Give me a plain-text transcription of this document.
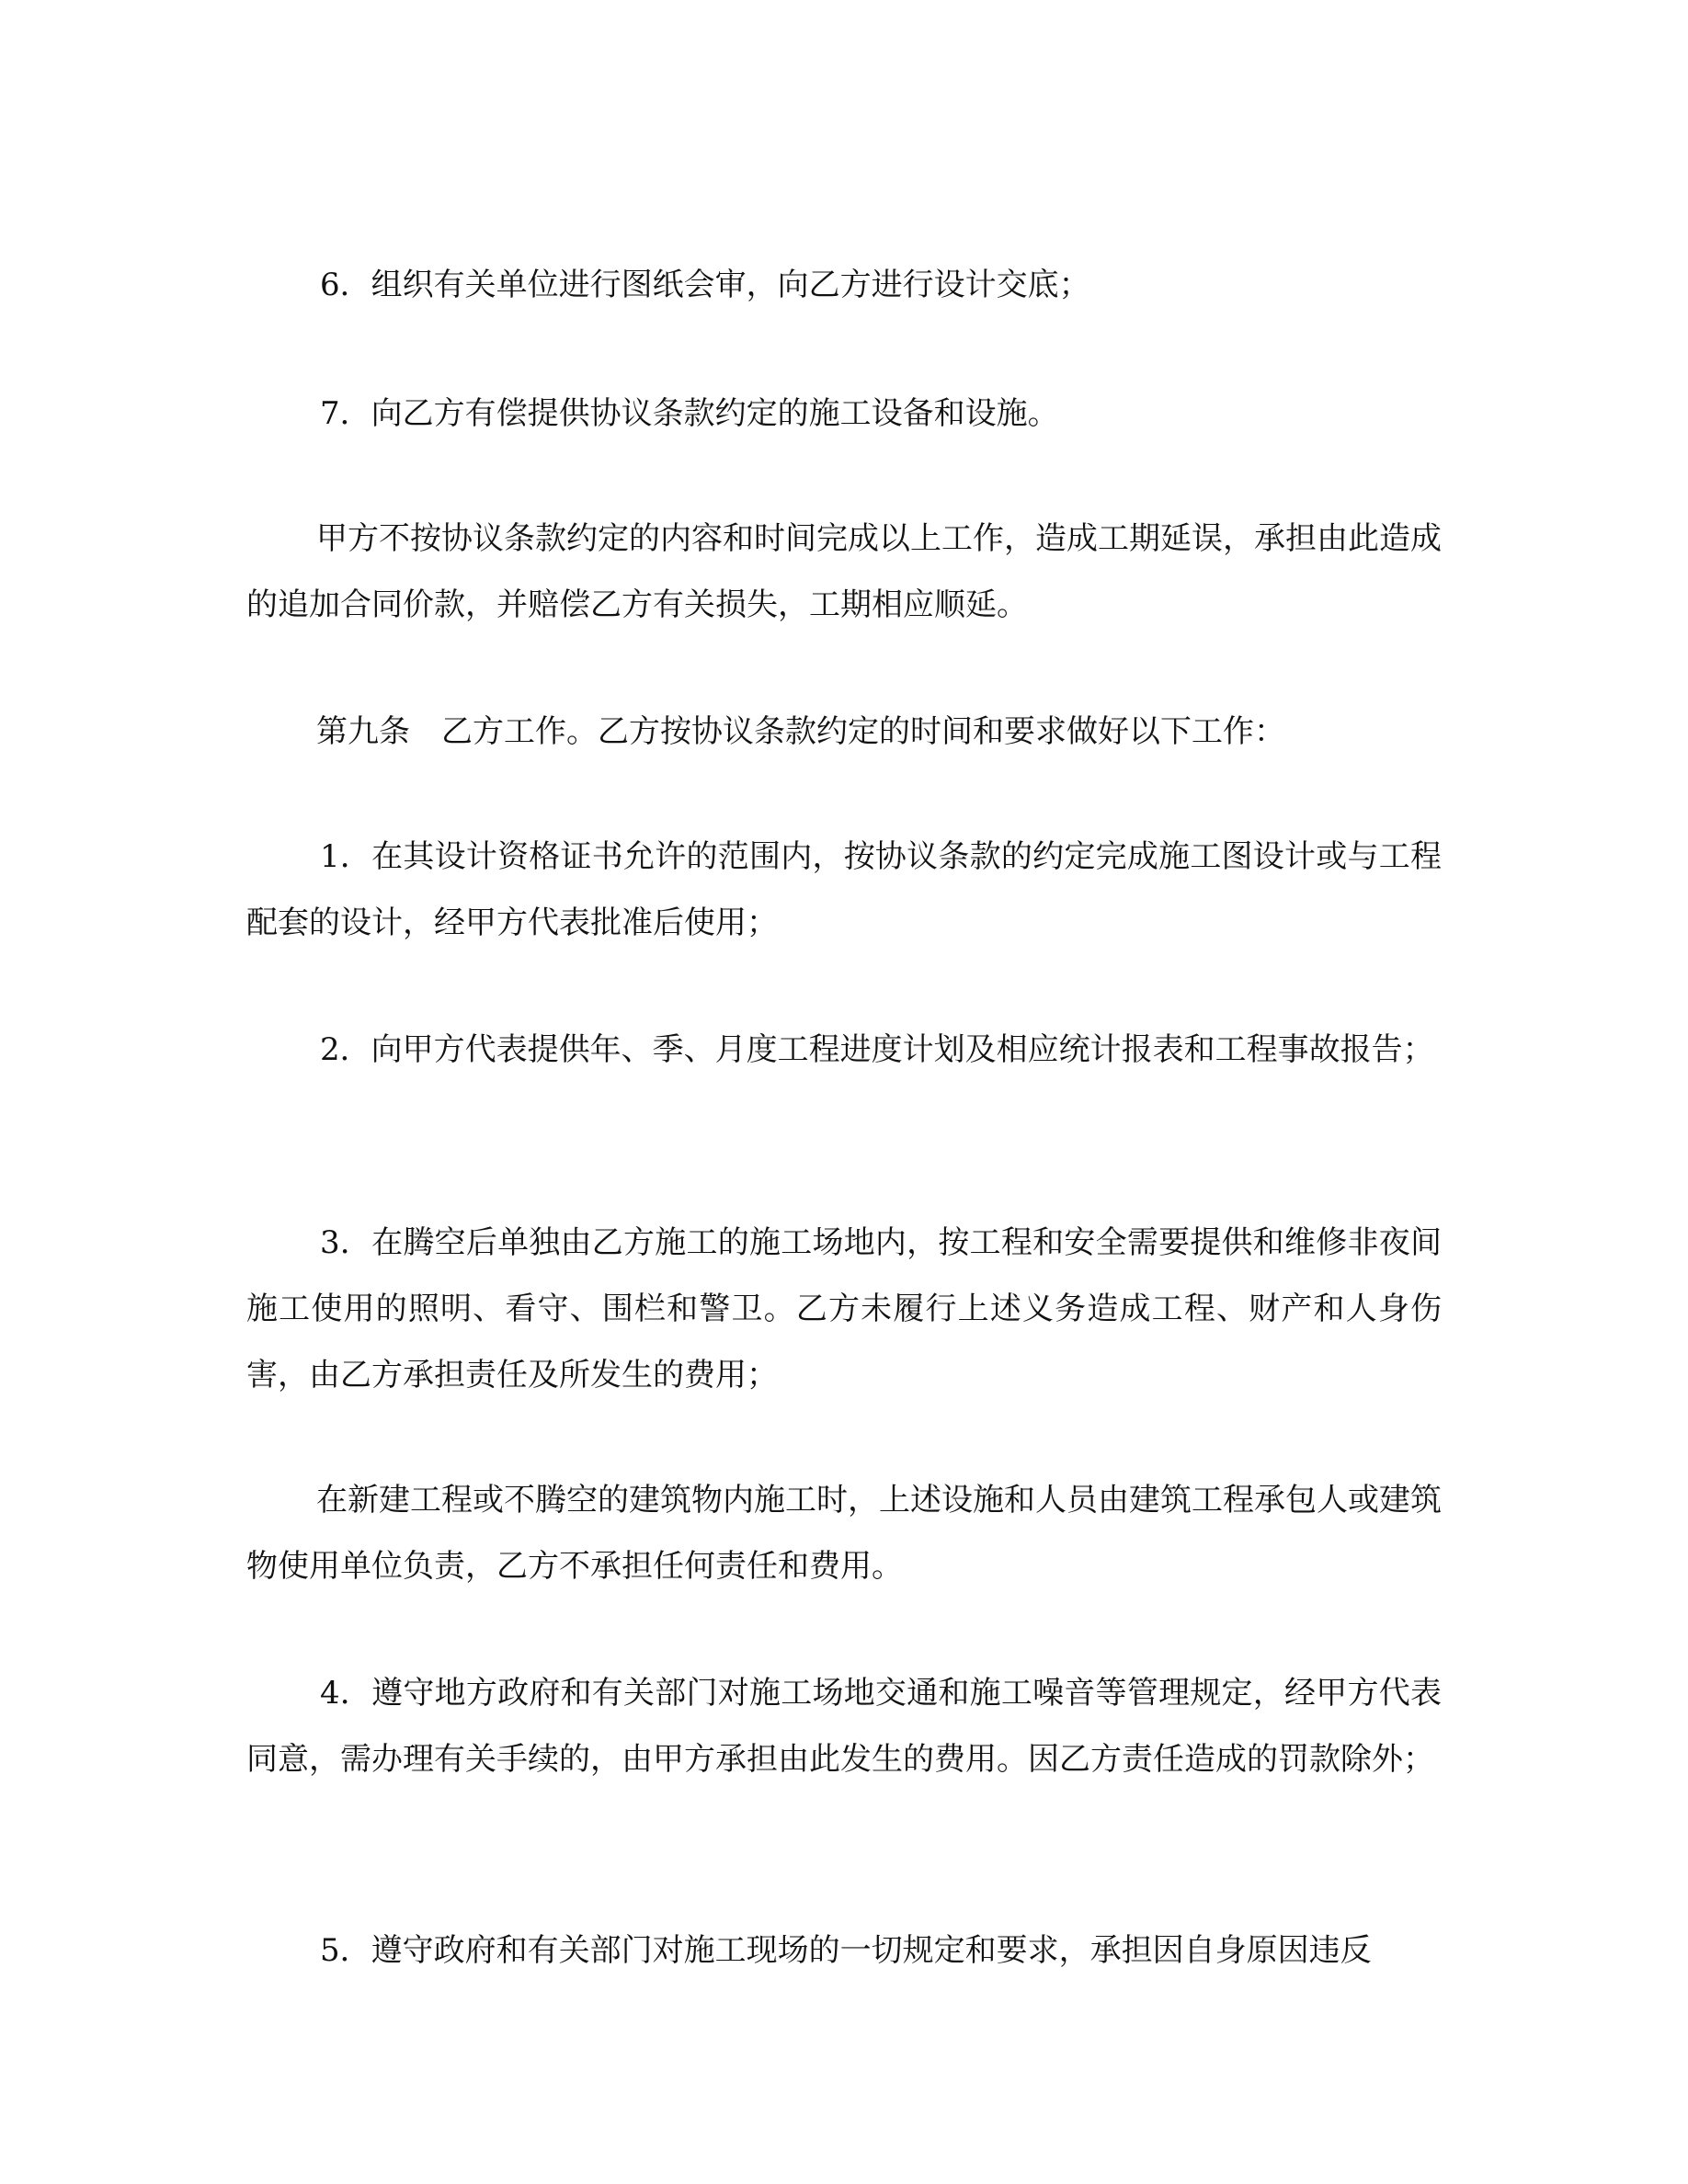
6．组织有关单位进行图纸会审，向乙方进行设计交底；

7．向乙方有偿提供协议条款约定的施工设备和设施。

甲方不按协议条款约定的内容和时间完成以上工作，造成工期延误，承担由此造成的追加合同价款，并赔偿乙方有关损失，工期相应顺延。

第九条　乙方工作。乙方按协议条款约定的时间和要求做好以下工作：

1．在其设计资格证书允许的范围内，按协议条款的约定完成施工图设计或与工程配套的设计，经甲方代表批准后使用；

2．向甲方代表提供年、季、月度工程进度计划及相应统计报表和工程事故报告；

3．在腾空后单独由乙方施工的施工场地内，按工程和安全需要提供和维修非夜间施工使用的照明、看守、围栏和警卫。乙方未履行上述义务造成工程、财产和人身伤害，由乙方承担责任及所发生的费用；

在新建工程或不腾空的建筑物内施工时，上述设施和人员由建筑工程承包人或建筑物使用单位负责，乙方不承担任何责任和费用。

4．遵守地方政府和有关部门对施工场地交通和施工噪音等管理规定，经甲方代表同意，需办理有关手续的，由甲方承担由此发生的费用。因乙方责任造成的罚款除外；

5．遵守政府和有关部门对施工现场的一切规定和要求，承担因自身原因违反
